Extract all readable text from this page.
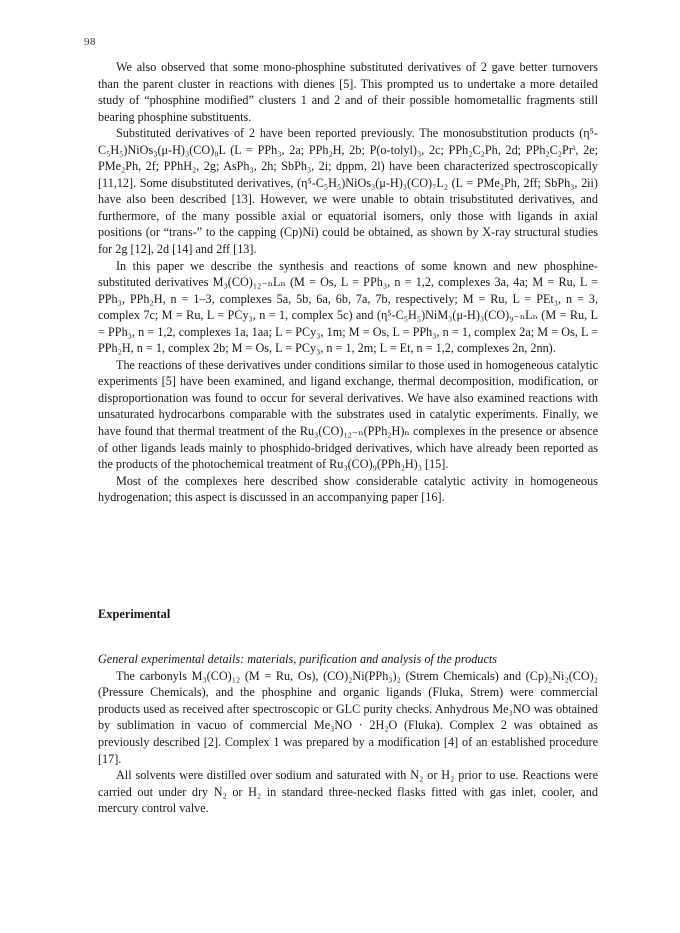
98

We also observed that some mono-phosphine substituted derivatives of 2 gave better turnovers than the parent cluster in reactions with dienes [5]. This prompted us to undertake a more detailed study of “phosphine modified” clusters 1 and 2 and of their possible homometallic fragments still bearing phosphine substituents.

Substituted derivatives of 2 have been reported previously. The monosubstitution products (η⁵-C₅H₅)NiOs₃(μ-H)₃(CO)₈L (L = PPh₃, 2a; PPh₂H, 2b; P(o-tolyl)₃, 2c; PPh₂C₂Ph, 2d; PPh₂C₂Prⁱ, 2e; PMe₂Ph, 2f; PPhH₂, 2g; AsPh₃, 2h; SbPh₃, 2i; dppm, 2l) have been characterized spectroscopically [11,12]. Some disubstituted derivatives, (η⁵-C₅H₅)NiOs₃(μ-H)₃(CO)₇L₂ (L = PMe₂Ph, 2ff; SbPh₃, 2ii) have also been described [13]. However, we were unable to obtain trisubstituted derivatives, and furthermore, of the many possible axial or equatorial isomers, only those with ligands in axial positions (or “trans-” to the capping (Cp)Ni) could be obtained, as shown by X-ray structural studies for 2g [12], 2d [14] and 2ff [13].

In this paper we describe the synthesis and reactions of some known and new phosphine-substituted derivatives M₃(CO)₁₂₋ₙLₙ (M = Os, L = PPh₃, n = 1,2, complexes 3a, 4a; M = Ru, L = PPh₃, PPh₂H, n = 1–3, complexes 5a, 5b, 6a, 6b, 7a, 7b, respectively; M = Ru, L = PEt₃, n = 3, complex 7c; M = Ru, L = PCy₃, n = 1, complex 5c) and (η⁵-C₅H₅)NiM₃(μ-H)₃(CO)₉₋ₙLₙ (M = Ru, L = PPh₃, n = 1,2, complexes 1a, 1aa; L = PCy₃, 1m; M = Os, L = PPh₃, n = 1, complex 2a; M = Os, L = PPh₂H, n = 1, complex 2b; M = Os, L = PCy₃, n = 1, 2m; L = Et, n = 1,2, complexes 2n, 2nn).

The reactions of these derivatives under conditions similar to those used in homogeneous catalytic experiments [5] have been examined, and ligand exchange, thermal decomposition, modification, or disproportionation was found to occur for several derivatives. We have also examined reactions with unsaturated hydrocarbons comparable with the substrates used in catalytic experiments. Finally, we have found that thermal treatment of the Ru₃(CO)₁₂₋ₙ(PPh₂H)ₙ complexes in the presence or absence of other ligands leads mainly to phosphido-bridged derivatives, which have already been reported as the products of the photochemical treatment of Ru₃(CO)₉(PPh₂H)₃ [15].

Most of the complexes here described show considerable catalytic activity in homogeneous hydrogenation; this aspect is discussed in an accompanying paper [16].

Experimental

General experimental details: materials, purification and analysis of the products

The carbonyls M₃(CO)₁₂ (M = Ru, Os), (CO)₂Ni(PPh₃)₂ (Strem Chemicals) and (Cp)₂Ni₂(CO)₂ (Pressure Chemicals), and the phosphine and organic ligands (Fluka, Strem) were commercial products used as received after spectroscopic or GLC purity checks. Anhydrous Me₃NO was obtained by sublimation in vacuo of commercial Me₃NO · 2H₂O (Fluka). Complex 2 was obtained as previously described [2]. Complex 1 was prepared by a modification [4] of an established procedure [17].

All solvents were distilled over sodium and saturated with N₂ or H₂ prior to use. Reactions were carried out under dry N₂ or H₂ in standard three-necked flasks fitted with gas inlet, cooler, and mercury control valve.
